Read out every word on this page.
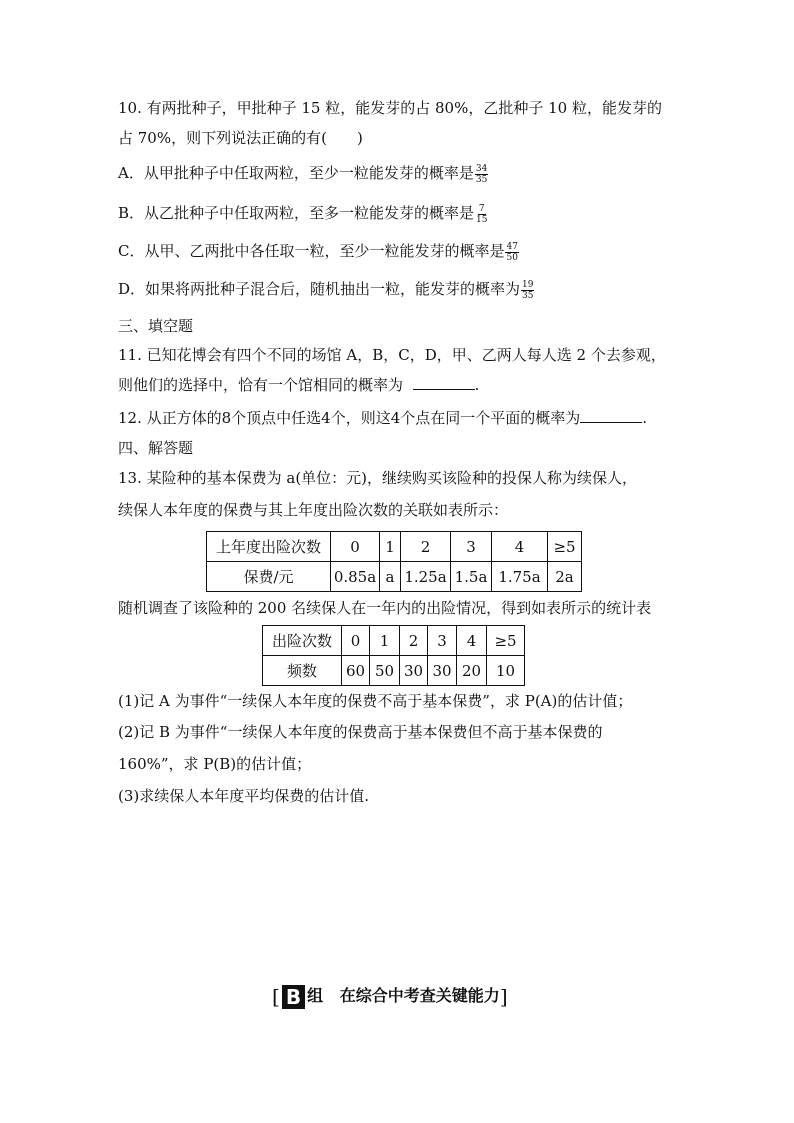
10. 有两批种子，甲批种子 15 粒，能发芽的占 80%，乙批种子 10 粒，能发芽的
占 70%，则下列说法正确的有(　　)
A．从甲批种子中任取两粒，至少一粒能发芽的概率是 $\frac{34}{35}$
B．从乙批种子中任取两粒，至多一粒能发芽的概率是 $\frac{7}{15}$
C．从甲、乙两批中各任取一粒，至少一粒能发芽的概率是 $\frac{47}{50}$
D．如果将两批种子混合后，随机抽出一粒，能发芽的概率为 $\frac{19}{35}$
三、填空题
11. 已知花博会有四个不同的场馆 A，B，C，D，甲、乙两人每人选 2 个去参观，
则他们的选择中，恰有一个馆相同的概率为	.
12. 从正方体的8个顶点中任选4个，则这4个点在同一个平面的概率为	.
四、解答题
13. 某险种的基本保费为 a(单位：元)，继续购买该险种的投保人称为续保人，
续保人本年度的保费与其上年度出险次数的关联如表所示：
上年度出险次数	0	1	2	3	4	≥5
保费/元	0.85a	a	1.25a	1.5a	1.75a	2a
随机调查了该险种的 200 名续保人在一年内的出险情况，得到如表所示的统计表
出险次数	0	1	2	3	4	≥5
频数	60	50	30	30	20	10
(1)记 A 为事件“一续保人本年度的保费不高于基本保费”，求 P(A)的估计值；
(2)记 B 为事件“一续保人本年度的保费高于基本保费但不高于基本保费的
160%”，求 P(B)的估计值；
(3)求续保人本年度平均保费的估计值.
[ B 组 在综合中考查关键能力]
